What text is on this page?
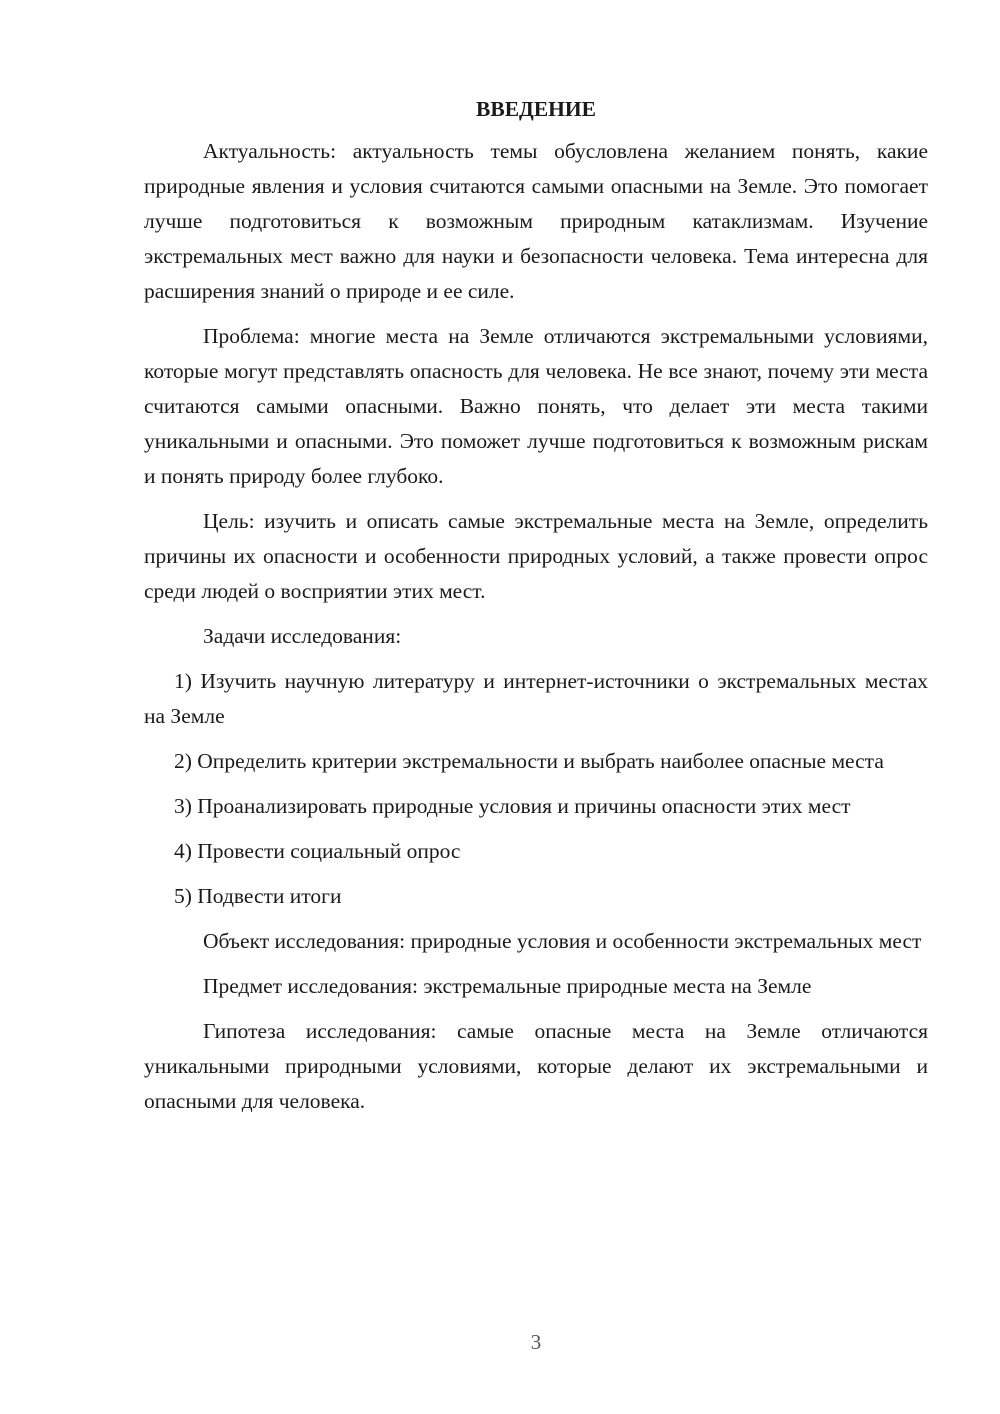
ВВЕДЕНИЕ

Актуальность: актуальность темы обусловлена желанием понять, какие природные явления и условия считаются самыми опасными на Земле. Это помогает лучше подготовиться к возможным природным катаклизмам. Изучение экстремальных мест важно для науки и безопасности человека. Тема интересна для расширения знаний о природе и ее силе.

Проблема: многие места на Земле отличаются экстремальными условиями, которые могут представлять опасность для человека. Не все знают, почему эти места считаются самыми опасными. Важно понять, что делает эти места такими уникальными и опасными. Это поможет лучше подготовиться к возможным рискам и понять природу более глубоко.

Цель: изучить и описать самые экстремальные места на Земле, определить причины их опасности и особенности природных условий, а также провести опрос среди людей о восприятии этих мест.

Задачи исследования:

1) Изучить научную литературу и интернет-источники о экстремальных местах на Земле

2) Определить критерии экстремальности и выбрать наиболее опасные места

3) Проанализировать природные условия и причины опасности этих мест

4) Провести социальный опрос

5) Подвести итоги

Объект исследования: природные условия и особенности экстремальных мест

Предмет исследования: экстремальные природные места на Земле

Гипотеза исследования: самые опасные места на Земле отличаются уникальными природными условиями, которые делают их экстремальными и опасными для человека.

3
